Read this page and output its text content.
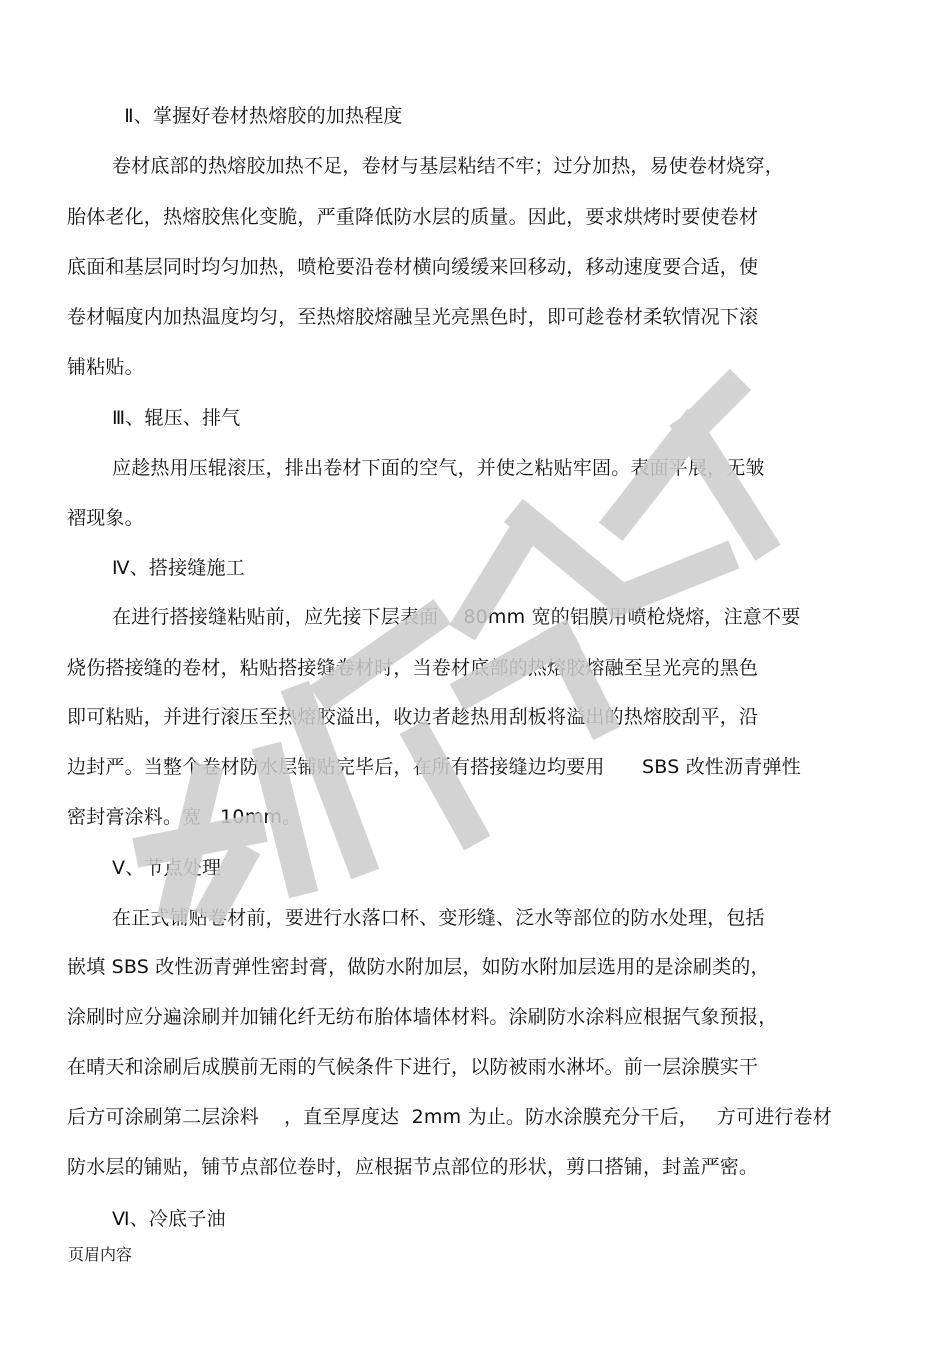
Ⅱ、掌握好卷材热熔胶的加热程度
卷材底部的热熔胶加热不足，卷材与基层粘结不牢；过分加热，易使卷材烧穿，
胎体老化，热熔胶焦化变脆，严重降低防水层的质量。因此，要求烘烤时要使卷材
底面和基层同时均匀加热，喷枪要沿卷材横向缓缓来回移动，移动速度要合适，使
卷材幅度内加热温度均匀，至热熔胶熔融呈光亮黑色时，即可趁卷材柔软情况下滚
铺粘贴。
Ⅲ、辊压、排气
应趁热用压辊滚压，排出卷材下面的空气，并使之粘贴牢固。表面平展，无皱
褶现象。
Ⅳ、搭接缝施工
在进行搭接缝粘贴前，应先接下层表面    80mm 宽的铝膜用喷枪烧熔，注意不要
烧伤搭接缝的卷材，粘贴搭接缝卷材时，当卷材底部的热熔胶熔融至呈光亮的黑色
即可粘贴，并进行滚压至热熔胶溢出，收边者趁热用刮板将溢出的热熔胶刮平，沿
边封严。当整个卷材防水层铺贴完毕后，在所有搭接缝边均要用      SBS 改性沥青弹性
密封膏涂料。宽   10mm。
Ⅴ、节点处理
在正式铺贴卷材前，要进行水落口杯、变形缝、泛水等部位的防水处理，包括
嵌填 SBS 改性沥青弹性密封膏，做防水附加层，如防水附加层选用的是涂刷类的，
涂刷时应分遍涂刷并加铺化纤无纺布胎体墙体材料。涂刷防水涂料应根据气象预报，
在晴天和涂刷后成膜前无雨的气候条件下进行，以防被雨水淋坏。前一层涂膜实干
后方可涂刷第二层涂料    ，直至厚度达  2mm 为止。防水涂膜充分干后，   方可进行卷材
防水层的铺贴，铺节点部位卷时，应根据节点部位的形状，剪口搭铺，封盖严密。
Ⅵ、冷底子油
页眉内容
